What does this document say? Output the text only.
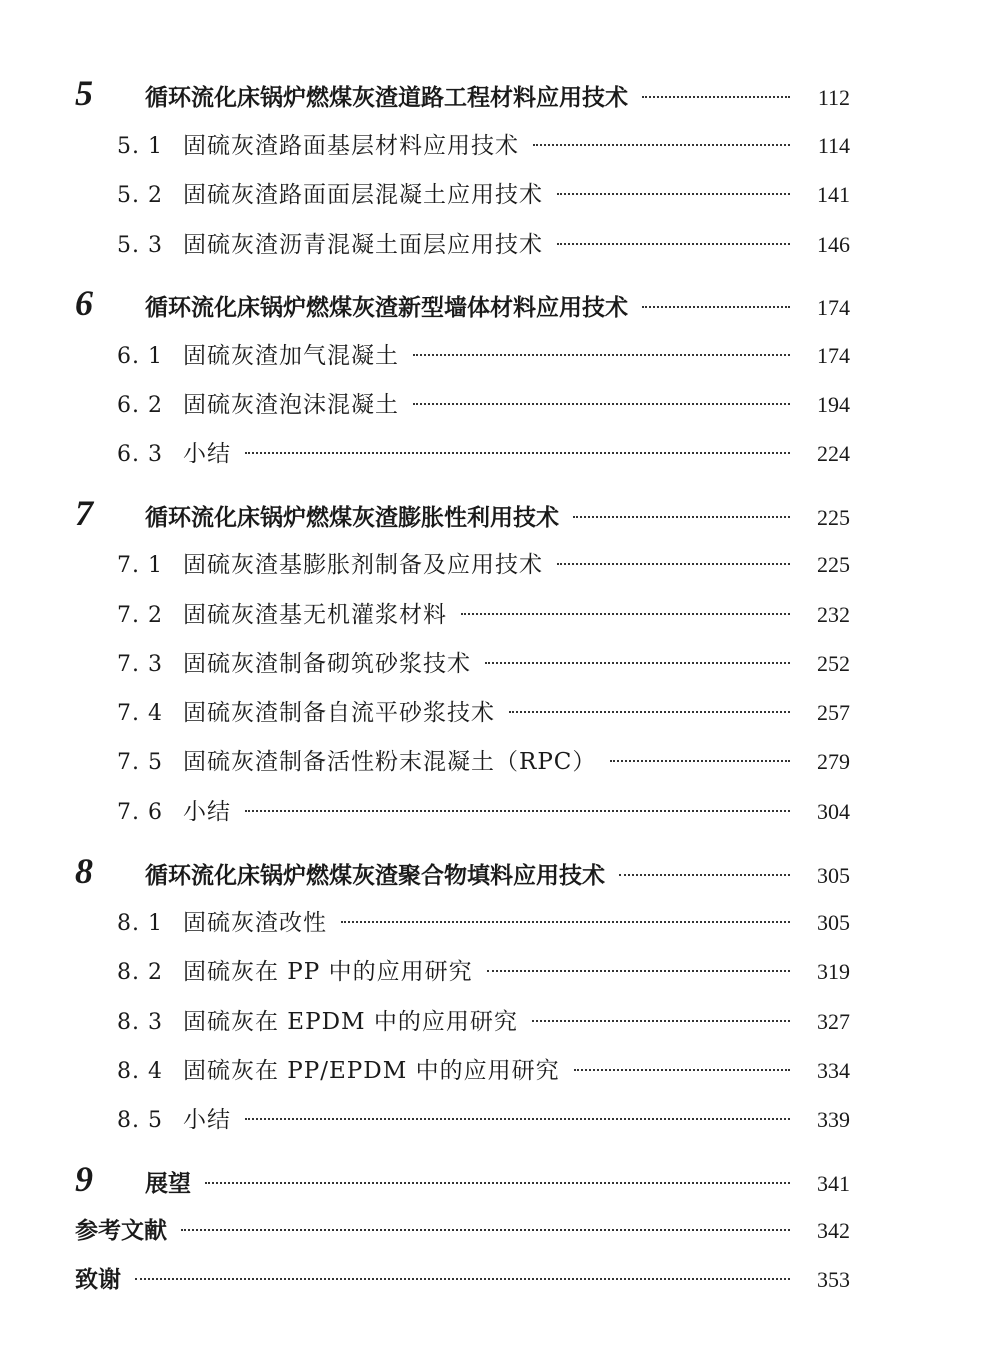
5	循环流化床锅炉燃煤灰渣道路工程材料应用技术	112
5. 1 固硫灰渣路面基层材料应用技术	114
5. 2 固硫灰渣路面面层混凝土应用技术	141
5. 3 固硫灰渣沥青混凝土面层应用技术	146
6	循环流化床锅炉燃煤灰渣新型墙体材料应用技术	174
6. 1 固硫灰渣加气混凝土	174
6. 2 固硫灰渣泡沫混凝土	194
6. 3 小结	224
7	循环流化床锅炉燃煤灰渣膨胀性利用技术	225
7. 1 固硫灰渣基膨胀剂制备及应用技术	225
7. 2 固硫灰渣基无机灌浆材料	232
7. 3 固硫灰渣制备砌筑砂浆技术	252
7. 4 固硫灰渣制备自流平砂浆技术	257
7. 5 固硫灰渣制备活性粉末混凝土（RPC）	279
7. 6 小结	304
8	循环流化床锅炉燃煤灰渣聚合物填料应用技术	305
8. 1 固硫灰渣改性	305
8. 2 固硫灰在 PP 中的应用研究	319
8. 3 固硫灰在 EPDM 中的应用研究	327
8. 4 固硫灰在 PP/EPDM 中的应用研究	334
8. 5 小结	339
9	展望	341
参考文献	342
致谢	353
